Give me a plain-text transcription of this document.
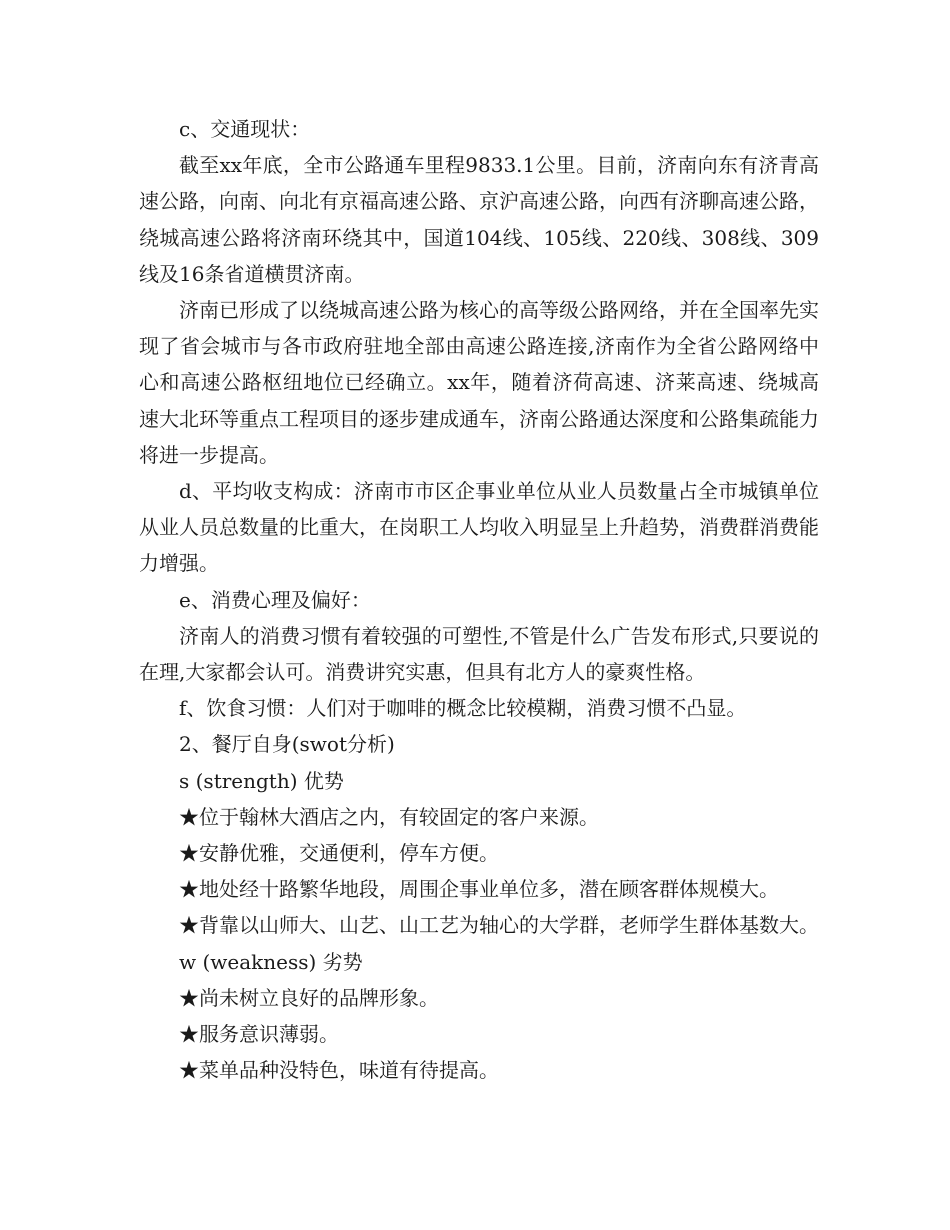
c、交通现状：

截至xx年底，全市公路通车里程9833.1公里。目前，济南向东有济青高速公路，向南、向北有京福高速公路、京沪高速公路，向西有济聊高速公路，绕城高速公路将济南环绕其中，国道104线、105线、220线、308线、309线及16条省道横贯济南。

济南已形成了以绕城高速公路为核心的高等级公路网络，并在全国率先实现了省会城市与各市政府驻地全部由高速公路连接,济南作为全省公路网络中心和高速公路枢纽地位已经确立。xx年，随着济荷高速、济莱高速、绕城高速大北环等重点工程项目的逐步建成通车，济南公路通达深度和公路集疏能力将进一步提高。

d、平均收支构成：济南市市区企事业单位从业人员数量占全市城镇单位从业人员总数量的比重大，在岗职工人均收入明显呈上升趋势，消费群消费能力增强。

e、消费心理及偏好：

济南人的消费习惯有着较强的可塑性,不管是什么广告发布形式,只要说的在理,大家都会认可。消费讲究实惠，但具有北方人的豪爽性格。

f、饮食习惯：人们对于咖啡的概念比较模糊，消费习惯不凸显。

2、餐厅自身(swot分析)

s (strength) 优势

★位于翰林大酒店之内，有较固定的客户来源。

★安静优雅，交通便利，停车方便。

★地处经十路繁华地段，周围企事业单位多，潜在顾客群体规模大。

★背靠以山师大、山艺、山工艺为轴心的大学群，老师学生群体基数大。

w (weakness) 劣势

★尚未树立良好的品牌形象。

★服务意识薄弱。

★菜单品种没特色，味道有待提高。
